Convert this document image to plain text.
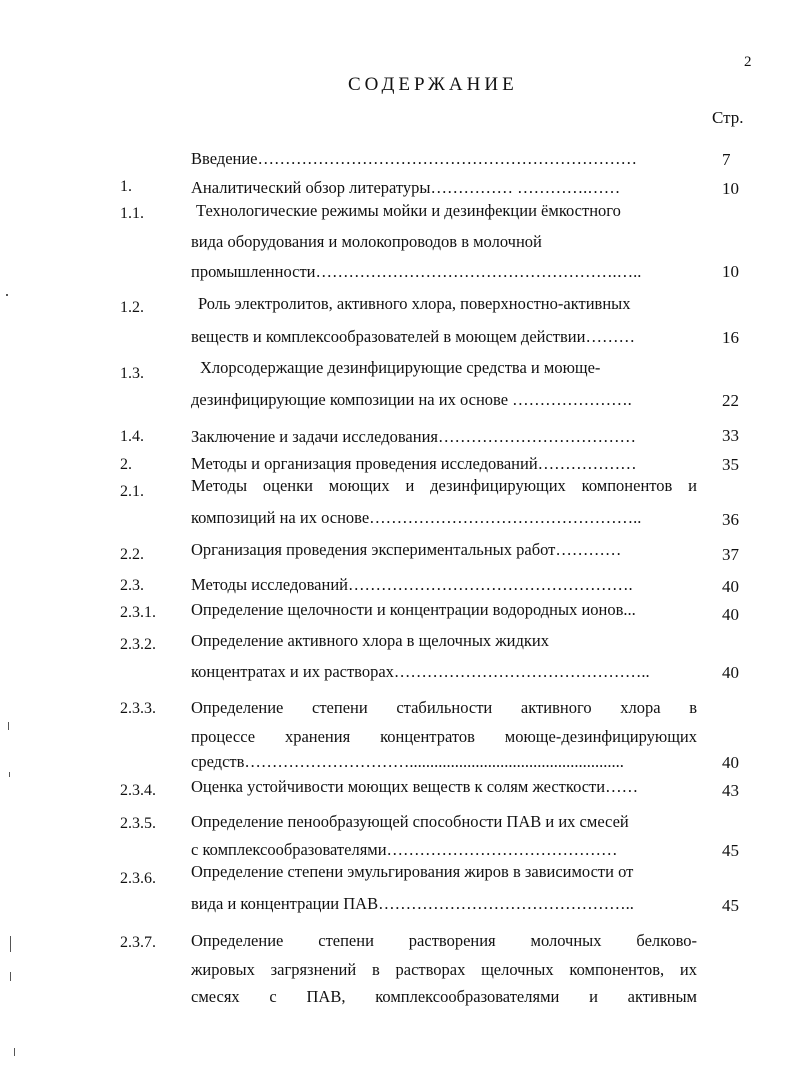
2
СОДЕРЖАНИЕ
Стр.
Введение……………………………………………………………	7
1.	Аналитический обзор литературы…………… ………….……	10
1.1.	Технологические режимы мойки и дезинфекции ёмкостного
вида оборудования и молокопроводов в молочной
промышленности……………………………………………….…..	10
1.2.	Роль электролитов, активного хлора, поверхностно-активных
веществ и комплексообразователей в моющем действии………	16
1.3.	Хлорсодержащие дезинфицирующие средства и моюще-
дезинфицирующие композиции на их основе ………………….	22
1.4.	Заключение и задачи исследования………………………………	33
2.	Методы и организация проведения исследований………………	35
2.1.	Методы оценки моющих и дезинфицирующих компонентов и
композиций на их основе…………………………………………..	36
2.2.	Организация проведения экспериментальных работ…………	37
2.3.	Методы исследований…………………………………………….	40
2.3.1. Определение щелочности и концентрации водородных ионов...	40
2.3.2. Определение активного хлора в щелочных жидких
концентратах и их растворах………………………………………..	40
2.3.3. Определение степени стабильности активного хлора в
процессе хранения концентратов моюще-дезинфицирующих
средств…………………………....................................................	40
2.3.4. Оценка устойчивости моющих веществ к солям жесткости……	43
2.3.5. Определение пенообразующей способности ПАВ и их смесей
с комплексообразователями……………………………………	45
2.3.6. Определение степени эмульгирования жиров в зависимости от
вида и концентрации ПАВ………………………………………..	45
2.3.7. Определение степени растворения молочных белково-
жировых загрязнений в растворах щелочных компонентов, их
смесях с ПАВ, комплексообразователями и активным
